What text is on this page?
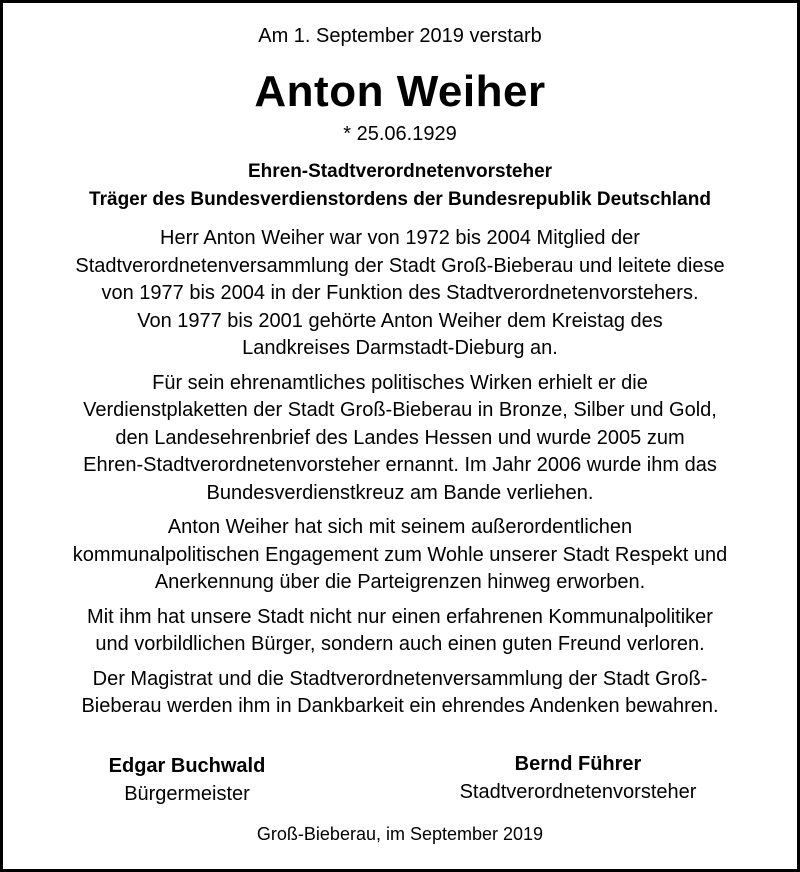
Am 1. September 2019 verstarb
Anton Weiher
* 25.06.1929
Ehren-Stadtverordnetenvorsteher
Träger des Bundesverdienstordens der Bundesrepublik Deutschland

Herr Anton Weiher war von 1972 bis 2004 Mitglied der
Stadtverordnetenversammlung der Stadt Groß-Bieberau und leitete diese
von 1977 bis 2004 in der Funktion des Stadtverordnetenvorstehers.
Von 1977 bis 2001 gehörte Anton Weiher dem Kreistag des
Landkreises Darmstadt-Dieburg an.

Für sein ehrenamtliches politisches Wirken erhielt er die
Verdienstplaketten der Stadt Groß-Bieberau in Bronze, Silber und Gold,
den Landesehrenbrief des Landes Hessen und wurde 2005 zum
Ehren-Stadtverordnetenvorsteher ernannt. Im Jahr 2006 wurde ihm das
Bundesverdienstkreuz am Bande verliehen.

Anton Weiher hat sich mit seinem außerordentlichen
kommunalpolitischen Engagement zum Wohle unserer Stadt Respekt und
Anerkennung über die Parteigrenzen hinweg erworben.

Mit ihm hat unsere Stadt nicht nur einen erfahrenen Kommunalpolitiker
und vorbildlichen Bürger, sondern auch einen guten Freund verloren.

Der Magistrat und die Stadtverordnetenversammlung der Stadt Groß-
Bieberau werden ihm in Dankbarkeit ein ehrendes Andenken bewahren.

Edgar Buchwald
Bürgermeister
Bernd Führer
Stadtverordnetenvorsteher
Groß-Bieberau, im September 2019
